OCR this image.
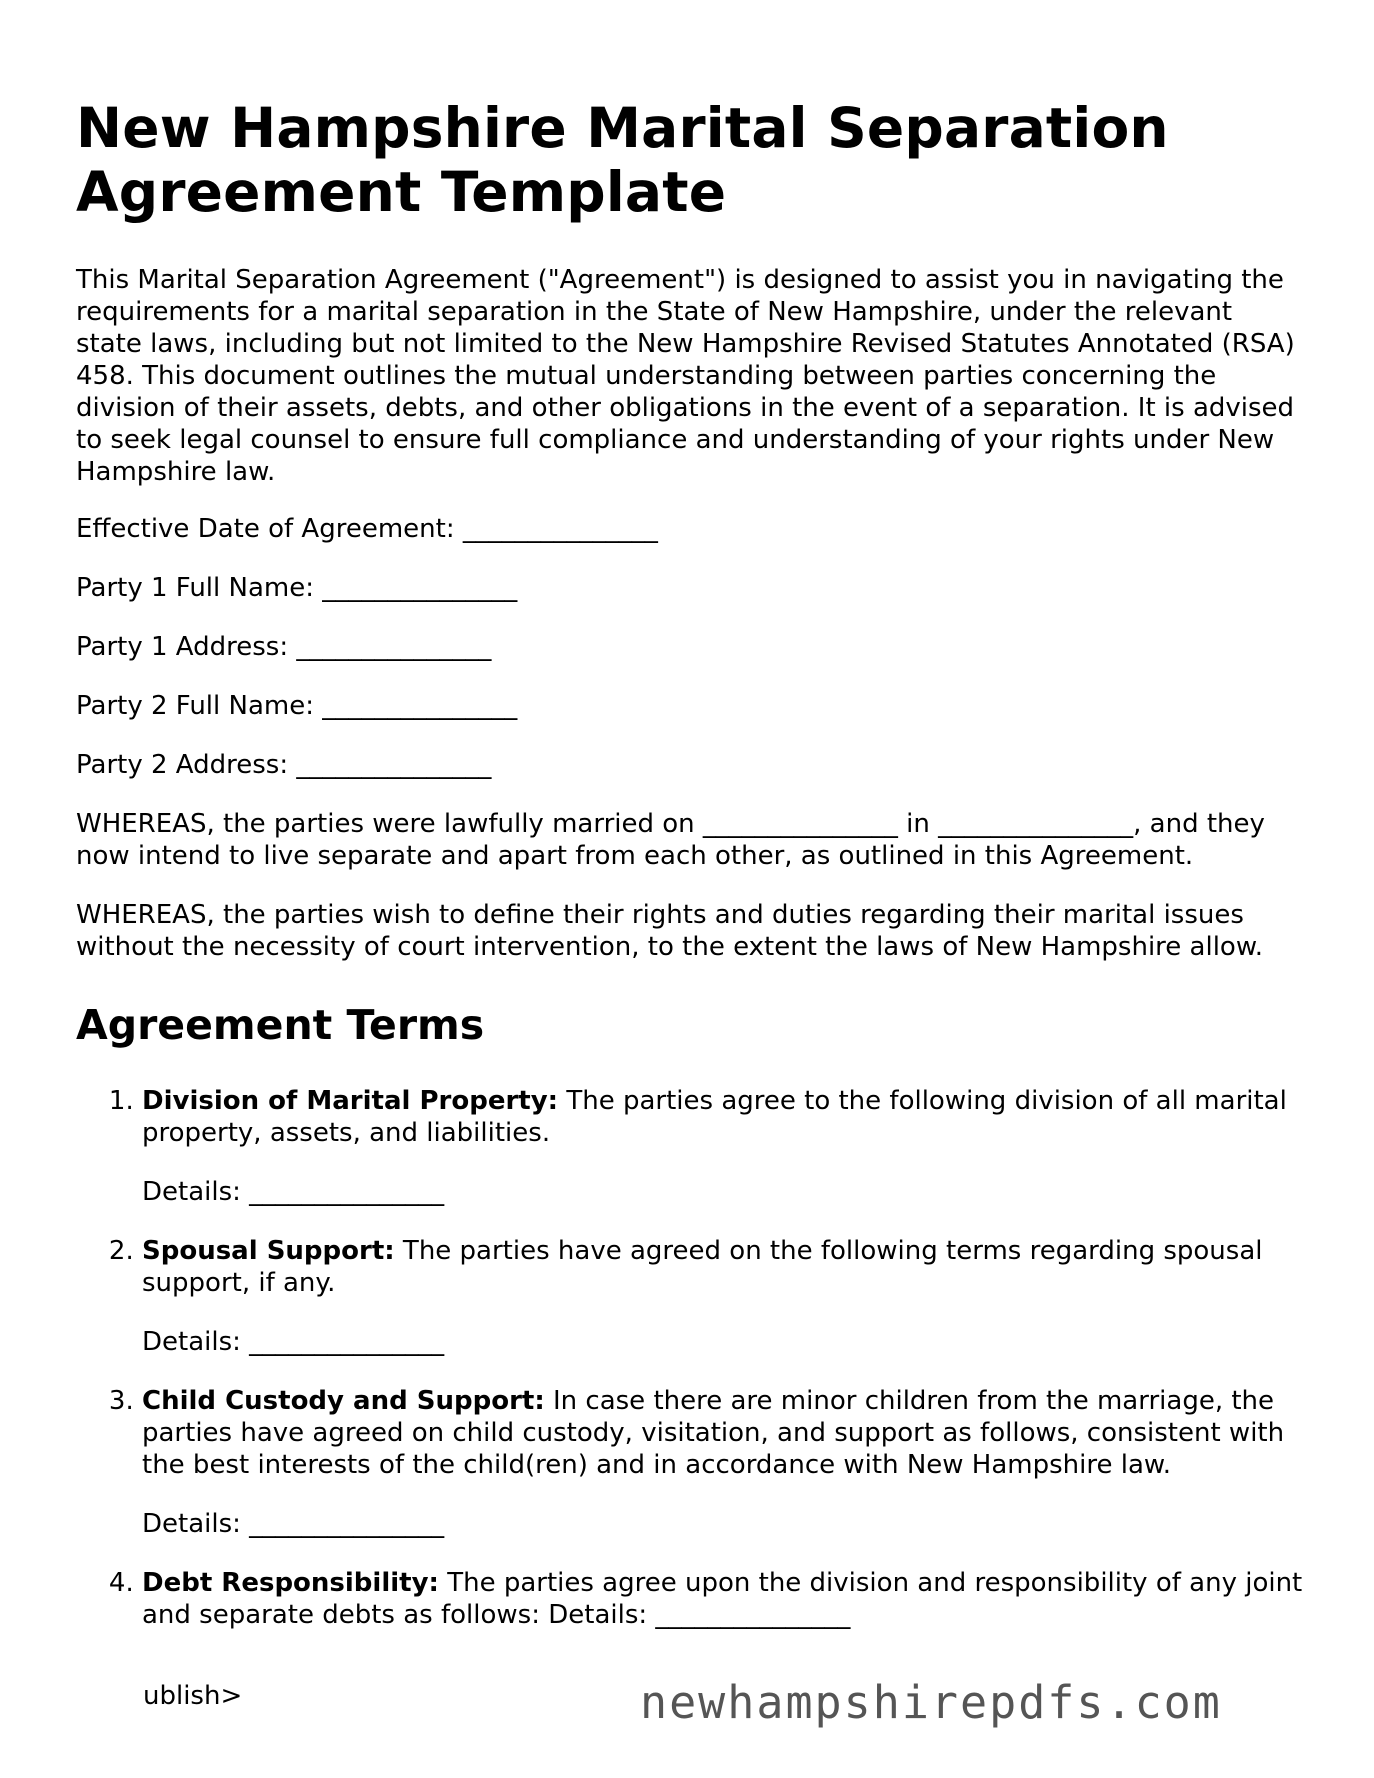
New Hampshire Marital Separation Agreement Template

This Marital Separation Agreement ("Agreement") is designed to assist you in navigating the requirements for a marital separation in the State of New Hampshire, under the relevant state laws, including but not limited to the New Hampshire Revised Statutes Annotated (RSA) 458. This document outlines the mutual understanding between parties concerning the division of their assets, debts, and other obligations in the event of a separation. It is advised to seek legal counsel to ensure full compliance and understanding of your rights under New Hampshire law.

Effective Date of Agreement: _______________

Party 1 Full Name: _______________

Party 1 Address: _______________

Party 2 Full Name: _______________

Party 2 Address: _______________

WHEREAS, the parties were lawfully married on _______________ in _______________, and they now intend to live separate and apart from each other, as outlined in this Agreement.

WHEREAS, the parties wish to define their rights and duties regarding their marital issues without the necessity of court intervention, to the extent the laws of New Hampshire allow.

Agreement Terms

1. Division of Marital Property: The parties agree to the following division of all marital property, assets, and liabilities.

Details: _______________

2. Spousal Support: The parties have agreed on the following terms regarding spousal support, if any.

Details: _______________

3. Child Custody and Support: In case there are minor children from the marriage, the parties have agreed on child custody, visitation, and support as follows, consistent with the best interests of the child(ren) and in accordance with New Hampshire law.

Details: _______________

4. Debt Responsibility: The parties agree upon the division and responsibility of any joint and separate debts as follows: Details: _______________

ublish>	newhampshirepdfs.com
